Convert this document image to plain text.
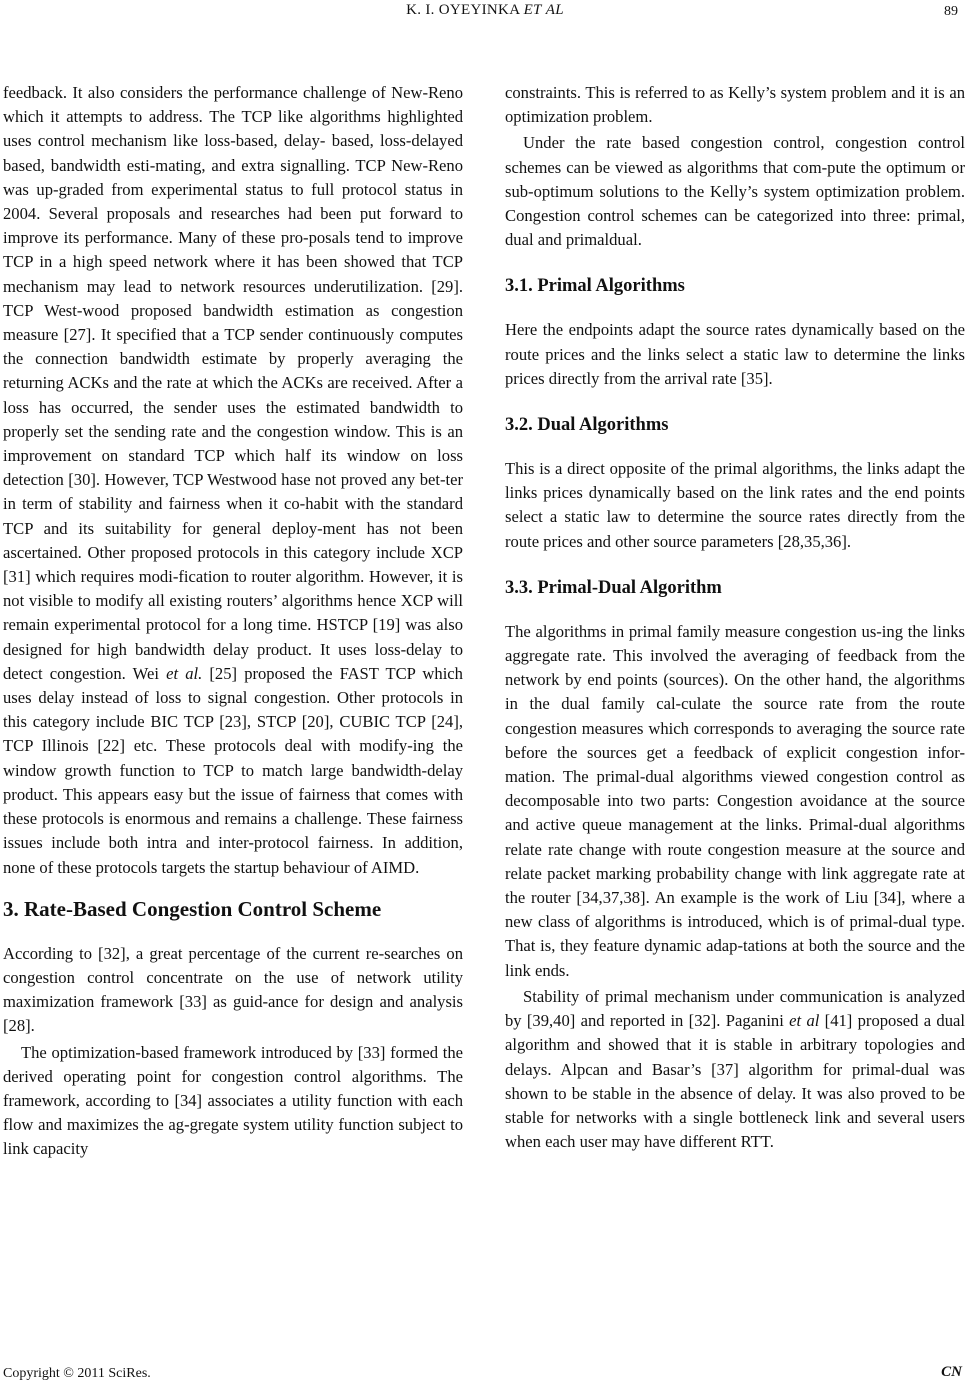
K. I. OYEYINKA ET AL	89

feedback. It also considers the performance challenge of New-Reno which it attempts to address. The TCP like algorithms highlighted uses control mechanism like loss-based, delay- based, loss-delayed based, bandwidth esti-mating, and extra signalling. TCP New-Reno was up-graded from experimental status to full protocol status in 2004. Several proposals and researches had been put forward to improve its performance. Many of these pro-posals tend to improve TCP in a high speed network where it has been showed that TCP mechanism may lead to network resources underutilization. [29]. TCP West-wood proposed bandwidth estimation as congestion measure [27]. It specified that a TCP sender continuously computes the connection bandwidth estimate by properly averaging the returning ACKs and the rate at which the ACKs are received. After a loss has occurred, the sender uses the estimated bandwidth to properly set the sending rate and the congestion window. This is an improvement on standard TCP which half its window on loss detection [30]. However, TCP Westwood hase not proved any bet-ter in term of stability and fairness when it co-habit with the standard TCP and its suitability for general deploy-ment has not been ascertained. Other proposed protocols in this category include XCP [31] which requires modi-fication to router algorithm. However, it is not visible to modify all existing routers’ algorithms hence XCP will remain experimental protocol for a long time. HSTCP [19] was also designed for high bandwidth delay product. It uses loss-delay to detect congestion. Wei et al. [25] proposed the FAST TCP which uses delay instead of loss to signal congestion. Other protocols in this category include BIC TCP [23], STCP [20], CUBIC TCP [24], TCP Illinois [22] etc. These protocols deal with modify-ing the window growth function to TCP to match large bandwidth-delay product. This appears easy but the issue of fairness that comes with these protocols is enormous and remains a challenge. These fairness issues include both intra and inter-protocol fairness. In addition, none of these protocols targets the startup behaviour of AIMD.

3. Rate-Based Congestion Control Scheme

According to [32], a great percentage of the current re-searches on congestion control concentrate on the use of network utility maximization framework [33] as guid-ance for design and analysis [28].

The optimization-based framework introduced by [33] formed the derived operating point for congestion control algorithms. The framework, according to [34] associates a utility function with each flow and maximizes the ag-gregate system utility function subject to link capacity

constraints. This is referred to as Kelly’s system problem and it is an optimization problem.

Under the rate based congestion control, congestion control schemes can be viewed as algorithms that com-pute the optimum or sub-optimum solutions to the Kelly’s system optimization problem. Congestion control schemes can be categorized into three: primal, dual and primaldual.

3.1. Primal Algorithms

Here the endpoints adapt the source rates dynamically based on the route prices and the links select a static law to determine the links prices directly from the arrival rate [35].

3.2. Dual Algorithms

This is a direct opposite of the primal algorithms, the links adapt the links prices dynamically based on the link rates and the end points select a static law to determine the source rates directly from the route prices and other source parameters [28,35,36].

3.3. Primal-Dual Algorithm

The algorithms in primal family measure congestion us-ing the links aggregate rate. This involved the averaging of feedback from the network by end points (sources). On the other hand, the algorithms in the dual family cal-culate the source rate from the route congestion measures which corresponds to averaging the source rate before the sources get a feedback of explicit congestion infor-mation. The primal-dual algorithms viewed congestion control as decomposable into two parts: Congestion avoidance at the source and active queue management at the links. Primal-dual algorithms relate rate change with route congestion measure at the source and relate packet marking probability change with link aggregate rate at the router [34,37,38]. An example is the work of Liu [34], where a new class of algorithms is introduced, which is of primal-dual type. That is, they feature dynamic adap-tations at both the source and the link ends.

Stability of primal mechanism under communication is analyzed by [39,40] and reported in [32]. Paganini et al [41] proposed a dual algorithm and showed that it is stable in arbitrary topologies and delays. Alpcan and Basar’s [37] algorithm for primal-dual was shown to be stable in the absence of delay. It was also proved to be stable for networks with a single bottleneck link and several users when each user may have different RTT.

Copyright © 2011 SciRes.	CN
